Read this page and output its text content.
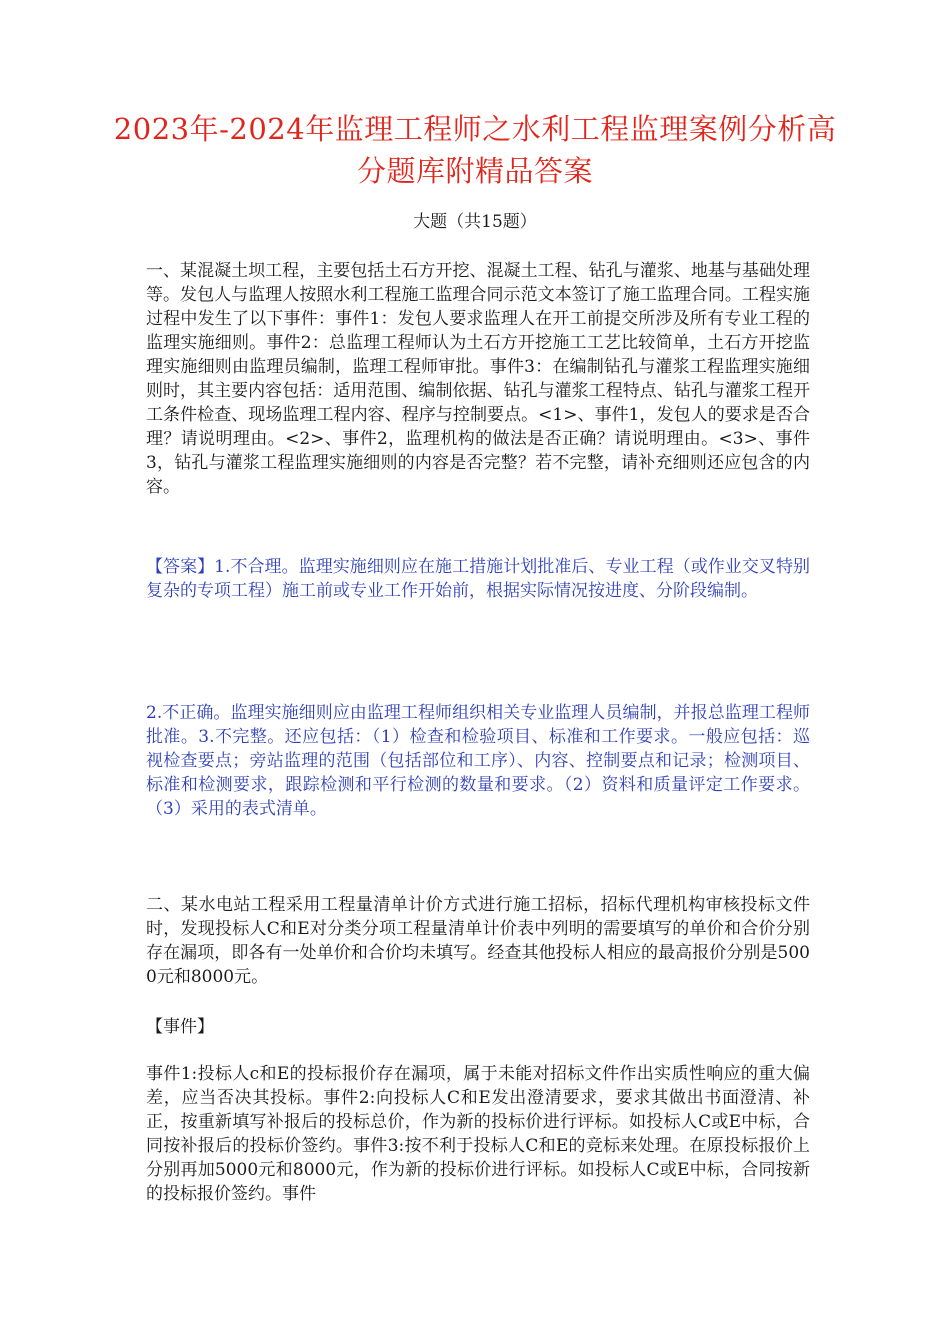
2023年-2024年监理工程师之水利工程监理案例分析高分题库附精品答案
大题（共15题）

一、某混凝土坝工程，主要包括土石方开挖、混凝土工程、钻孔与灌浆、地基与基础处理等。发包人与监理人按照水利工程施工监理合同示范文本签订了施工监理合同。工程实施过程中发生了以下事件：事件1：发包人要求监理人在开工前提交所涉及所有专业工程的监理实施细则。事件2：总监理工程师认为土石方开挖施工工艺比较简单，土石方开挖监理实施细则由监理员编制，监理工程师审批。事件3：在编制钻孔与灌浆工程监理实施细则时，其主要内容包括：适用范围、编制依据、钻孔与灌浆工程特点、钻孔与灌浆工程开工条件检查、现场监理工程内容、程序与控制要点。<1>、事件1，发包人的要求是否合理？请说明理由。<2>、事件2，监理机构的做法是否正确？请说明理由。<3>、事件3，钻孔与灌浆工程监理实施细则的内容是否完整？若不完整，请补充细则还应包含的内容。

【答案】1.不合理。监理实施细则应在施工措施计划批准后、专业工程（或作业交叉特别复杂的专项工程）施工前或专业工作开始前，根据实际情况按进度、分阶段编制。

2.不正确。监理实施细则应由监理工程师组织相关专业监理人员编制，并报总监理工程师批准。3.不完整。还应包括：（1）检查和检验项目、标准和工作要求。一般应包括：巡视检查要点；旁站监理的范围（包括部位和工序）、内容、控制要点和记录；检测项目、标准和检测要求，跟踪检测和平行检测的数量和要求。（2）资料和质量评定工作要求。（3）采用的表式清单。

二、某水电站工程采用工程量清单计价方式进行施工招标，招标代理机构审核投标文件时，发现投标人C和E对分类分项工程量清单计价表中列明的需要填写的单价和合价分别存在漏项，即各有一处单价和合价均未填写。经查其他投标人相应的最高报价分别是5000元和8000元。

【事件】

事件1:投标人c和E的投标报价存在漏项，属于未能对招标文件作出实质性响应的重大偏差，应当否决其投标。事件2:向投标人C和E发出澄清要求，要求其做出书面澄清、补正，按重新填写补报后的投标总价，作为新的投标价进行评标。如投标人C或E中标，合同按补报后的投标价签约。事件3:按不利于投标人C和E的竞标来处理。在原投标报价上分别再加5000元和8000元，作为新的投标价进行评标。如投标人C或E中标，合同按新的投标报价签约。事件
